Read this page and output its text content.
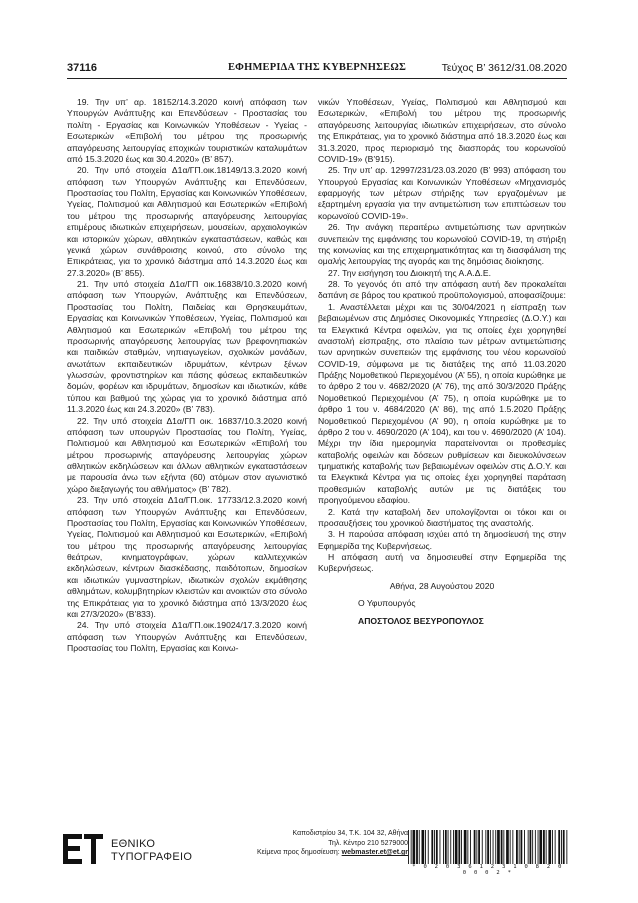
37116	ΕΦΗΜΕΡΙΔΑ ΤΗΣ ΚΥΒΕΡΝΗΣΕΩΣ	Τεύχος B’ 3612/31.08.2020

19. Την υπ’ αρ. 18152/14.3.2020 κοινή απόφαση των Υπουργών Ανάπτυξης και Επενδύσεων - Προστασίας του πολίτη - Εργασίας και Κοινωνικών Υποθέσεων - Υγείας - Εσωτερικών «Επιβολή του μέτρου της προσωρινής απαγόρευσης λειτουργίας εποχικών τουριστικών καταλυμάτων από 15.3.2020 έως και 30.4.2020» (Β’ 857).

20. Την υπό στοιχεία Δ1α/ΓΠ.οικ.18149/13.3.2020 κοινή απόφαση των Υπουργών Ανάπτυξης και Επενδύσεων, Προστασίας του Πολίτη, Εργασίας και Κοινωνικών Υποθέσεων, Υγείας, Πολιτισμού και Αθλητισμού και Εσωτερικών «Επιβολή του μέτρου της προσωρινής απαγόρευσης λειτουργίας επιμέρους ιδιωτικών επιχειρήσεων, μουσείων, αρχαιολογικών και ιστορικών χώρων, αθλητικών εγκαταστάσεων, καθώς και γενικά χώρων συνάθροισης κοινού, στο σύνολο της Επικράτειας, για το χρονικό διάστημα από 14.3.2020 έως και 27.3.2020» (Β’ 855).

21. Την υπό στοιχεία Δ1α/ΓΠ οικ.16838/10.3.2020 κοινή απόφαση των Υπουργών, Ανάπτυξης και Επενδύσεων, Προστασίας του Πολίτη, Παιδείας και Θρησκευμάτων, Εργασίας και Κοινωνικών Υποθέσεων, Υγείας, Πολιτισμού και Αθλητισμού και Εσωτερικών «Επιβολή του μέτρου της προσωρινής απαγόρευσης λειτουργίας των βρεφονηπιακών και παιδικών σταθμών, νηπιαγωγείων, σχολικών μονάδων, ανωτάτων εκπαιδευτικών ιδρυμάτων, κέντρων ξένων γλωσσών, φροντιστηρίων και πάσης φύσεως εκπαιδευτικών δομών, φορέων και ιδρυμάτων, δημοσίων και ιδιωτικών, κάθε τύπου και βαθμού της χώρας για το χρονικό διάστημα από 11.3.2020 έως και 24.3.2020» (Β’ 783).

22. Την υπό στοιχεία Δ1α/ΓΠ οικ. 16837/10.3.2020 κοινή απόφαση των υπουργών Προστασίας του Πολίτη, Υγείας, Πολιτισμού και Αθλητισμού και Εσωτερικών «Επιβολή του μέτρου προσωρινής απαγόρευσης λειτουργίας χώρων αθλητικών εκδηλώσεων και άλλων αθλητικών εγκαταστάσεων με παρουσία άνω των εξήντα (60) ατόμων στον αγωνιστικό χώρο διεξαγωγής του αθλήματος» (Β’ 782).

23. Την υπό στοιχεία Δ1α/ΓΠ.οικ. 17733/12.3.2020 κοινή απόφαση των Υπουργών Ανάπτυξης και Επενδύσεων, Προστασίας του Πολίτη, Εργασίας και Κοινωνικών Υποθέσεων, Υγείας, Πολιτισμού και Αθλητισμού και Εσωτερικών, «Επιβολή του μέτρου της προσωρινής απαγόρευσης λειτουργίας θεάτρων, κινηματογράφων, χώρων καλλιτεχνικών εκδηλώσεων, κέντρων διασκέδασης, παιδότοπων, δημοσίων και ιδιωτικών γυμναστηρίων, ιδιωτικών σχολών εκμάθησης αθλημάτων, κολυμβητηρίων κλειστών και ανοικτών στο σύνολο της Επικράτειας για το χρονικό διάστημα από 13/3/2020 έως και 27/3/2020» (Β’833).

24. Την υπό στοιχεία Δ1α/ΓΠ.οικ.19024/17.3.2020 κοινή απόφαση των Υπουργών Ανάπτυξης και Επενδύσεων, Προστασίας του Πολίτη, Εργασίας και Κοινω-

νικών Υποθέσεων, Υγείας, Πολιτισμού και Αθλητισμού και Εσωτερικών, «Επιβολή του μέτρου της προσωρινής απαγόρευσης λειτουργίας ιδιωτικών επιχειρήσεων, στο σύνολο της Επικράτειας, για το χρονικό διάστημα από 18.3.2020 έως και 31.3.2020, προς περιορισμό της διασποράς του κορωνοϊού COVID-19» (Β’915).

25. Την υπ’ αρ. 12997/231/23.03.2020 (Β’ 993) απόφαση του Υπουργού Εργασίας και Κοινωνικών Υποθέσεων «Μηχανισμός εφαρμογής των μέτρων στήριξης των εργαζομένων με εξαρτημένη εργασία για την αντιμετώπιση των επιπτώσεων του κορωνοϊού COVID-19».

26. Την ανάγκη περαιτέρω αντιμετώπισης των αρνητικών συνεπειών της εμφάνισης του κορωνοϊού COVID-19, τη στήριξη της κοινωνίας και της επιχειρηματικότητας και τη διασφάλιση της ομαλής λειτουργίας της αγοράς και της δημόσιας διοίκησης.

27. Την εισήγηση του Διοικητή της Α.Α.Δ.Ε.

28. Το γεγονός ότι από την απόφαση αυτή δεν προκαλείται δαπάνη σε βάρος του κρατικού προϋπολογισμού, αποφασίζουμε:

1. Αναστέλλεται μέχρι και τις 30/04/2021 η είσπραξη των βεβαιωμένων στις Δημόσιες Οικονομικές Υπηρεσίες (Δ.Ο.Υ.) και τα Ελεγκτικά Κέντρα οφειλών, για τις οποίες έχει χορηγηθεί αναστολή είσπραξης, στο πλαίσιο των μέτρων αντιμετώπισης των αρνητικών συνεπειών της εμφάνισης του νέου κορωνοϊού COVID-19, σύμφωνα με τις διατάξεις της από 11.03.2020 Πράξης Νομοθετικού Περιεχομένου (Α’ 55), η οποία κυρώθηκε με το άρθρο 2 του ν. 4682/2020 (Α’ 76), της από 30/3/2020 Πράξης Νομοθετικού Περιεχομένου (Α’ 75), η οποία κυρώθηκε με το άρθρο 1 του ν. 4684/2020 (Α’ 86), της από 1.5.2020 Πράξης Νομοθετικού Περιεχομένου (Α’ 90), η οποία κυρώθηκε με το άρθρο 2 του ν. 4690/2020 (Α’ 104), και του ν. 4690/2020 (Α’ 104). Μέχρι την ίδια ημερομηνία παρατείνονται οι προθεσμίες καταβολής οφειλών και δόσεων ρυθμίσεων και διευκολύνσεων τμηματικής καταβολής των βεβαιωμένων οφειλών στις Δ.Ο.Υ. και τα Ελεγκτικά Κέντρα για τις οποίες έχει χορηγηθεί παράταση προθεσμιών καταβολής αυτών με τις διατάξεις του προηγούμενου εδαφίου.

2. Κατά την καταβολή δεν υπολογίζονται οι τόκοι και οι προσαυξήσεις του χρονικού διαστήματος της αναστολής.

3. Η παρούσα απόφαση ισχύει από τη δημοσίευσή της στην Εφημερίδα της Κυβερνήσεως.

Η απόφαση αυτή να δημοσιευθεί στην Εφημερίδα της Κυβερνήσεως.

Αθήνα, 28 Αυγούστου 2020

Ο Υφυπουργός

ΑΠΟΣΤΟΛΟΣ ΒΕΣΥΡΟΠΟΥΛΟΣ

ΕΘΝΙΚΟ
ΤΥΠΟΓΡΑΦΕΙΟ
Καποδιστρίου 34, Τ.Κ. 104 32, Αθήνα
Τηλ. Κέντρο 210 5279000
Κείμενα προς δημοσίευση: webmaster.et@et.gr
* 0 2 0 3 6 1 2 3 1 0 8 2 0 0 0 0 2 *
